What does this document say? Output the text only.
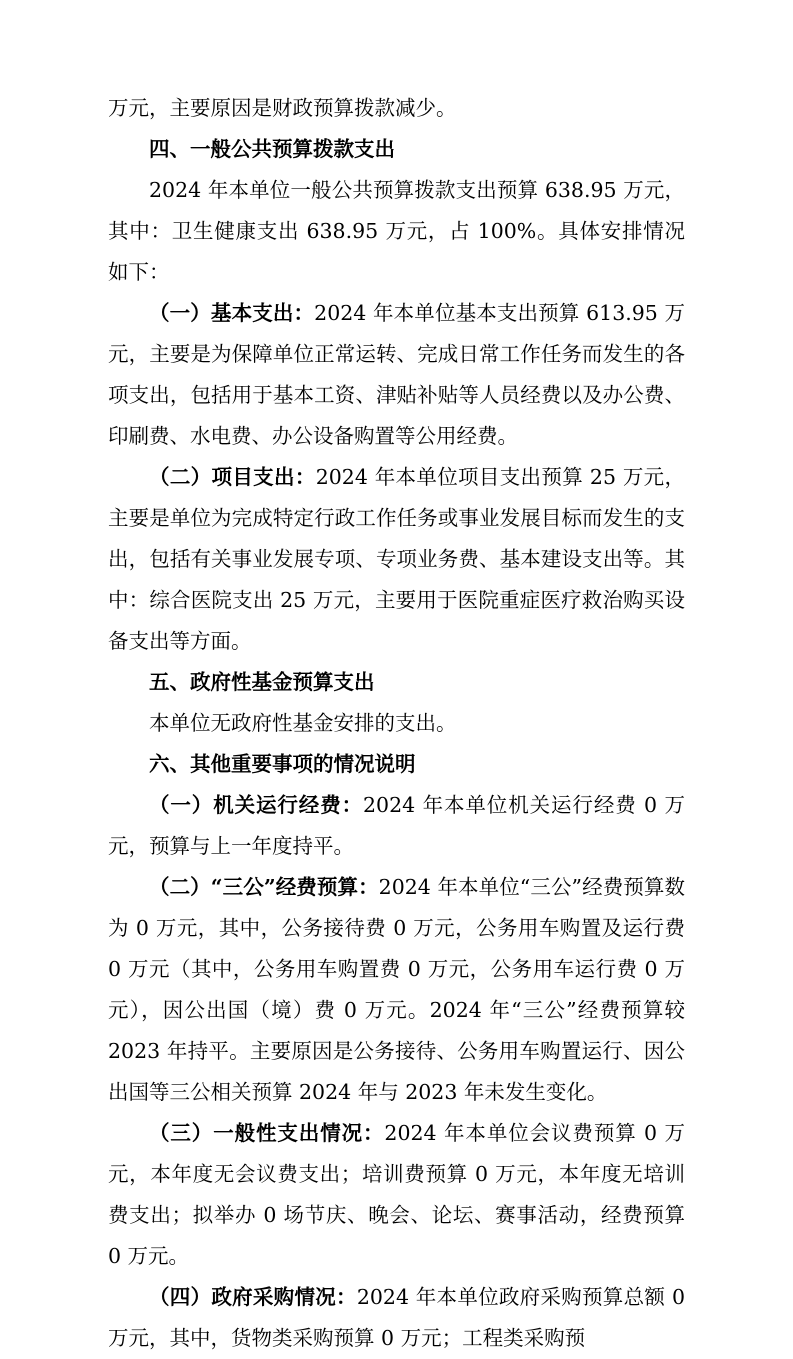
万元，主要原因是财政预算拨款减少。

四、一般公共预算拨款支出

2024 年本单位一般公共预算拨款支出预算 638.95 万元，其中：卫生健康支出 638.95 万元，占 100%。具体安排情况如下：

（一）基本支出：2024 年本单位基本支出预算 613.95 万元，主要是为保障单位正常运转、完成日常工作任务而发生的各项支出，包括用于基本工资、津贴补贴等人员经费以及办公费、印刷费、水电费、办公设备购置等公用经费。

（二）项目支出：2024 年本单位项目支出预算 25 万元，主要是单位为完成特定行政工作任务或事业发展目标而发生的支出，包括有关事业发展专项、专项业务费、基本建设支出等。其中：综合医院支出 25 万元，主要用于医院重症医疗救治购买设备支出等方面。

五、政府性基金预算支出

本单位无政府性基金安排的支出。

六、其他重要事项的情况说明

（一）机关运行经费：2024 年本单位机关运行经费 0 万元，预算与上一年度持平。

（二）“三公”经费预算：2024 年本单位“三公”经费预算数为 0 万元，其中，公务接待费 0 万元，公务用车购置及运行费 0 万元（其中，公务用车购置费 0 万元，公务用车运行费 0 万元），因公出国（境）费 0 万元。2024 年“三公”经费预算较 2023 年持平。主要原因是公务接待、公务用车购置运行、因公出国等三公相关预算 2024 年与 2023 年未发生变化。

（三）一般性支出情况：2024 年本单位会议费预算 0 万元，本年度无会议费支出；培训费预算 0 万元，本年度无培训费支出；拟举办 0 场节庆、晚会、论坛、赛事活动，经费预算 0 万元。

（四）政府采购情况：2024 年本单位政府采购预算总额 0 万元，其中，货物类采购预算 0 万元；工程类采购预
